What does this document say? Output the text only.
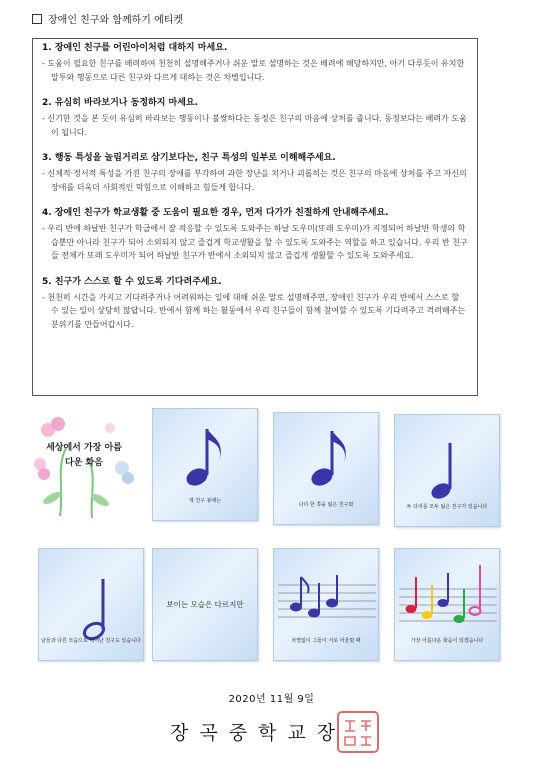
장애인 친구와 함께하기 에티켓
1. 장애인 친구를 어린아이처럼 대하지 마세요.
- 도움이 필요한 친구를 배려하여 천천히 설명해주거나 쉬운 말로 설명하는 것은 배려에 해당하지만, 아기 다루듯이 유치한 말투와 행동으로 다른 친구와 다르게 대하는 것은 차별입니다.
2. 유심히 바라보거나 동정하지 마세요.
- 신기한 것을 본 듯이 유심히 바라보는 행동이나 불쌍하다는 동정은 친구의 마음에 상처를 줍니다. 동정보다는 배려가 도움이 됩니다.
3. 행동 특성을 놀림거리로 삼기보다는, 친구 특성의 일부로 이해해주세요.
- 신체적·정서적 특성을 가진 친구의 장애를 부각하여 과한 장난을 치거나 괴롭히는 것은 친구의 마음에 상처를 주고 자신의 장애를 더욱더 사회적인 막힘으로 이해하고 힘들게 합니다.
4. 장애인 친구가 학교생활 중 도움이 필요한 경우, 먼저 다가가 친절하게 안내해주세요.
- 우리 반에 하날반 친구가 학급에서 잘 적응할 수 있도록 도와주는 하날 도우미(또래 도우미)가 지정되어 하날반 학생의 학습뿐만 아니라 친구가 되어 소외되지 않고 즐겁게 학교생활을 할 수 있도록 도와주는 역할을 하고 있습니다. 우리 반 친구들 전체가 또래 도우미가 되어 하날반 친구가 반에서 소외되지 않고 즐겁게 생활할 수 있도록 도와주세요.
5. 친구가 스스로 할 수 있도록 기다려주세요.
- 천천히 시간을 가지고 기다려주거나 어려워하는 일에 대해 쉬운 말로 설명해주면, 장애인 친구가 우리 반에서 스스로 할 수 있는 일이 상당히 많답니다. 반에서 함께 하는 활동에서 우리 친구들이 함께 참여할 수 있도록 기다려주고 격려해주는 분위기를 만들어갑시다.
세상에서 가장 아름다운 화음
제 친구 봉예는
다리 한 쪽을 잃은 친구와	두 다리를 모두 잃은 친구가 있습니다
남들과 다른 모습으로 태어난 친구도 있습니다
보이는 모습은 다르지만
차별없이 그들이 서로 어울릴 때	가장 아름다운 화음이 되겠습니다
2020년 11월 9일
장곡중학교장
